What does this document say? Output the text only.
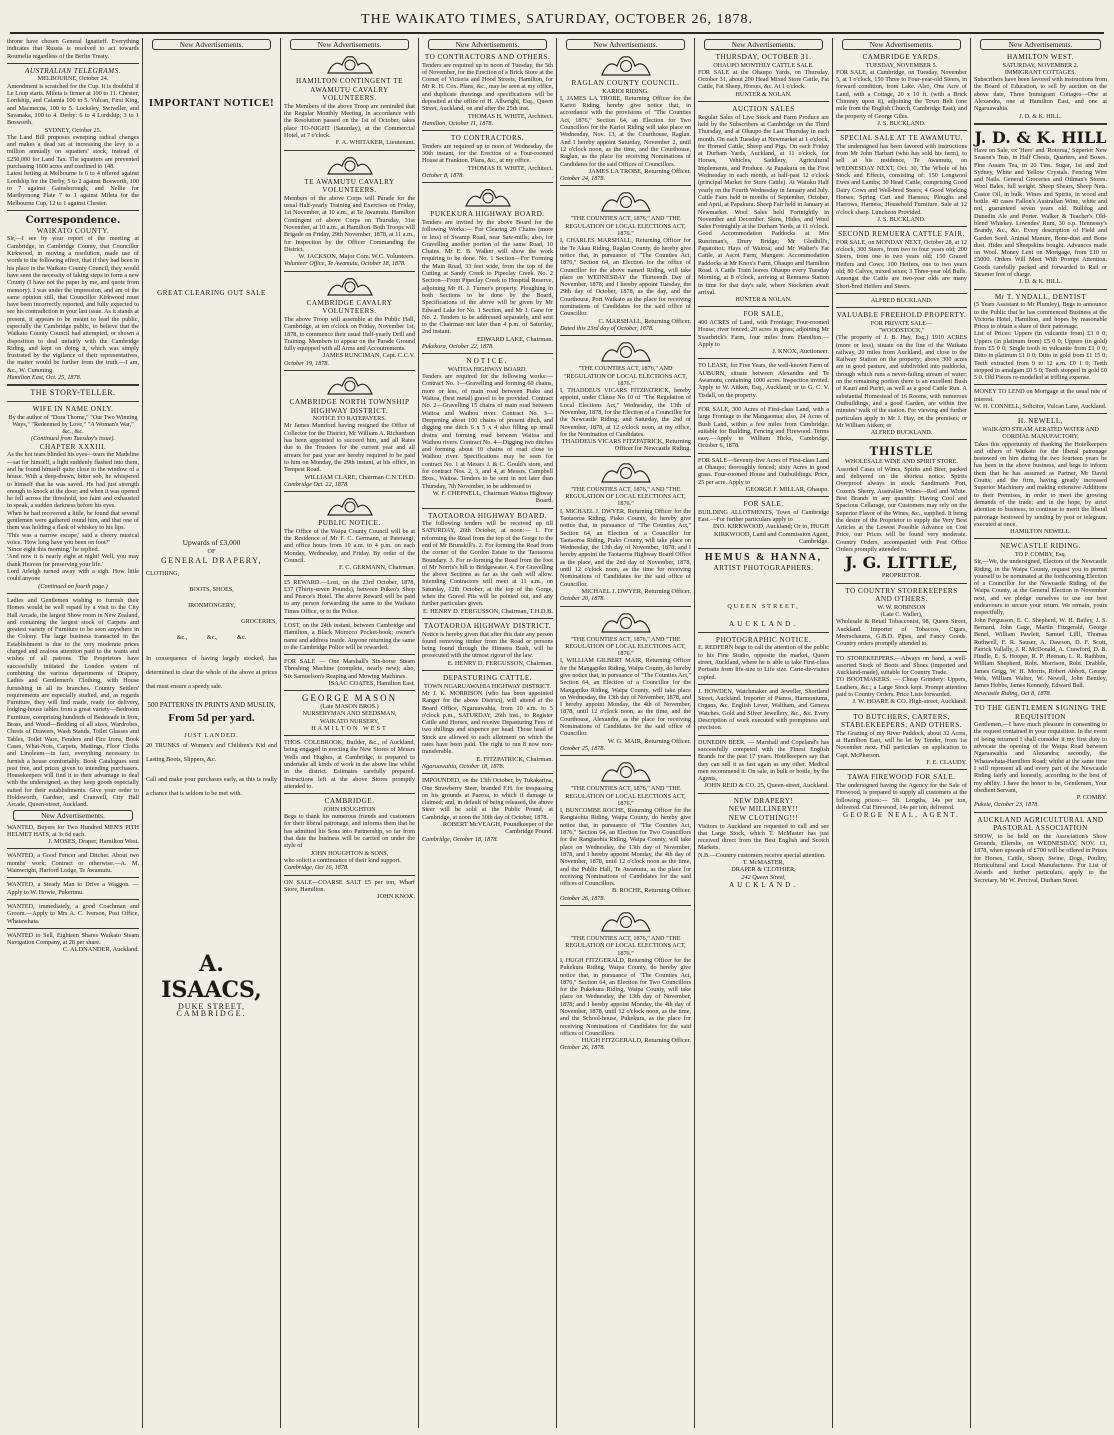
THE WAIKATO TIMES, SATURDAY, OCTOBER 26, 1878.

throne have chosen General Ignatieff. Everything indicates that Russia is resolved to act towards Roumelia regardless of the Berlin Treaty.

AUSTRALIAN TELEGRAMS.

MELBOURNE, October 24.

Amendment is scratched for the Cup. It is doubtful if Le Loup starts. Mileta is firmer at 100 to 11. Chester, Lordship, and Calamia 100 to 5. Vulcan, First King, and Macmecoa, 100 to 5. Locksley, Swiveller, and Savanaka, 100 to 4. Derby: 6 to 4 Lordship; 3 to 1 Bosworth.

SYDNEY, October 25.

The Land Bill proposes sweeping radical changes and makes a dead set at increasing the levy to a million annually on squatters' stock, instead of £250,000 for Land Tax. The squatters are prevented purchasing 1600 acres and confined to 148.

Latest betting at Melbourne is 6 to 4 offered against Lordship for the Derby, 5 to 2 against Bosworth, 100 to 7 against Gainsborough, and Nellie for Maribyrnong Plate 7 to 1 against Mileta for the Melbourne Cup, 12 to 1 against Chester.

Correspondence.

WAIKATO COUNTY.

Sir,—I see by your report of the meeting at Cambridge, in Cambridge County, that Councillor Kirkwood, in moving a resolution, made use of words to the following effect, that if they had been in his place in the Waikato County Council, they would have seen the necessity of taking steps to form a new County (I have not the paper by me, and quote from memory). I was under the impression, and am of the same opinion still, that Councillor Kirkwood must have been incorrectly reported, and fully expected to see his contradiction in your last issue. As it stands at present, it appears to be meant to lead the public, especially the Cambridge public, to believe that the Waikato County Council had attempted, or shown a disposition to deal unfairly with the Cambridge Riding, and kept on doing it, which was simply frustrated by the vigilance of their representatives, the matter would be further from the truth.—I am, &c., W. Cumming.

Hamilton East, Oct. 25, 1878.

THE STORY-TELLER.

WIFE IN NAME ONLY.

By the author of "Dora Thorne," "Our Two Winning Ways," "Redeemed by Love," "A Woman's War," &c., &c.

(Continued from Tuesday's issue).

CHAPTER XXXIII.

As the hot tears blinded his eyes—tears the Madeline—sat for himself, a light suddenly flashed into them, and he found himself quite close to the window of a house. With a deep-drawn, bitter sob, he whispered to himself that he was saved. He had just strength enough to knock at the door; and when it was opened he fell across the threshold, too faint and exhausted to speak, a sudden darkness before his eyes.

When he had recovered a little, he found that several gentlemen were gathered round him, and that one of them was holding a flask of whiskey to his lips.

'This was a narrow escape,' said a cheery musical voice. 'How long have you been on foot?'

'Since eight this morning,' he replied.

'And now it is nearly eight at night! Well, you may thank Heaven for preserving your life.'

Lord Arleigh turned away with a sigh. How little could anyone

(Continued on fourth page.)

Ladies and Gentlemen wishing to furnish their Homes would be well repaid by a visit to the City Hall Arcade, the largest Show room in New Zealand, and containing the largest stock of Carpets and greatest variety of Furniture to be seen anywhere in the Colony. The large business transacted in the Establishment is due to the very moderate prices charged and zealous attention paid to the wants and wishes of all patrons. The Proprietors have successfully initiated the London system of combining the various departments of Drapery, Ladies and Gentlemen's Clothing, with House furnishing in all its branches. Country Settlers' requirements are especially studied, and, as regards Furniture, they will find made, ready for delivery, lodging-house tables from a great variety—Bedroom Furniture, comprising hundreds of Bedsteads in Iron, Brass, and Wood—Bedding of all sizes, Wardrobes, Chests of Drawers, Wash Stands, Toilet Glasses and Tables, Toilet Ware, Fenders and Fire Irons, Book Cases, What-Nots, Carpets, Mattings, Floor Cloths and Linoleum—in fact, everything necessary to furnish a house comfortably. Book Catalogues sent post free, and prices given to intending purchasers. Housekeepers will find it to their advantage to deal with the undersigned, as they keep goods especially suited for their establishments. Give your order to Holdsworth, Gardner, and Cranwell, City Hall Arcade, Queen-street, Auckland.

New Advertisements.

WANTED, Buyers for Two Hundred MEN'S PITH HELMET HATS, at 3s 6d each.

J. MOSES, Draper, Hamilton West.

WANTED, a Good Fencer and Ditcher. About two months' work; Contract or otherwise.—A. M. Wainwright, Harford Lodge, Te Awamutu.

WANTED, a Steady Man to Drive a Waggon. — Apply to W. Howie, Pukerimu.

WANTED, immediately, a good Coachman and Groom.—Apply to Mrs A. C. Iverson, Post Office, Whatawhata.

WANTED to Sell, Eighteen Shares Waikato Steam Navigation Company, at 28 per share.

C. ALDNANDER, Auckland.

New Advertisements.

IMPORTANT NOTICE!

GREAT CLEARING OUT SALE

Upwards of £3,000

OF

GENERAL DRAPERY,

CLOTHING,

BOOTS, SHOES,

IRONMONGERY,

GROCERIES,

&c., &c., &c.

In consequence of having largely stocked, has determined to clear the whole of the above at prices that must ensure a speedy sale.

500 PATTERNS IN PRINTS AND MUSLIN,

From 5d per yard.

JUST LANDED.

20 TRUNKS of Women's and Children's Kid and Lasting Boots, Slippers, &c.

Call and make your purchases early, as this is really a chance that is seldom to be met with.

A. ISAACS,

DUKE STREET,

CAMBRIDGE.

New Advertisements.

HAMILTON CONTINGENT TE AWAMUTU CAVALRY VOLUNTEERS.

The Members of the above Troop are reminded that the Regular Monthly Meeting, in accordance with the Resolution passed on the 1st of October, takes place TO-NIGHT (Saturday), at the Commercial Hotel, at 7 o'clock.

F. A. WHITAKER, Lieutenant.

TE AWAMUTU CAVALRY VOLUNTEERS.

Members of the above Corps will Parade for the usual Half-yearly Training and Exercises on Friday, 1st November, at 10 a.m., at Te Awamutu. Hamilton Contingent of above Corps on Thursday, 31st November, at 10 a.m., at Hamilton. Both Troops will Brigade on Friday, 29th November, 1878, at 11 a.m., for Inspection by the Officer Commanding the District.

W. JACKSON, Major Com. W.C. Volunteers.

Volunteer Office, Te Awamutu, October 18, 1878.

CAMBRIDGE CAVALRY VOLUNTEERS.

The above Troop will assemble at the Public Hall, Cambridge, at ten o'clock on Friday, November 1st, 1878, to commence their usual Half-yearly Drill and Training. Members to appear on the Parade Ground fully equipped with all Arms and Accoutrements.

JAMES RUNCIMAN, Capt. C.C.V.

October 19, 1878.

CAMBRIDGE NORTH TOWNSHIP HIGHWAY DISTRICT.

NOTICE TO RATEPAYERS.

Mr James Mumford having resigned the Office of Collector for the District, Mr William A. Richardson has been appointed to succeed him, and all Rates due to the Trustees for the current year and all arrears for past year are hereby required to be paid to him on Monday, the 29th instant, at his office, in Tempest Road.

WILLIAM CLARE, Chairman C.N.T.H.D.

Cambridge Oct. 22, 1878.

PUBLIC NOTICE.

The Office of the Waipa County Council will be at the Residence of Mr F. C. Germann, at Paterangi, and office hours from 10 a.m. to 4 p.m. on each Monday, Wednesday, and Friday. By order of the Council.

F. C. GERMANN, Chairman.

£5 REWARD.—Lost, on the 23rd October, 1878, £37 (Thirty-seven Pounds), between Pukeo's Shop and Pearce's Hotel. The above Reward will be paid to any person forwarding the same to the Waikato Times Office, or to the Police.

LOST, on the 24th instant, between Cambridge and Hamilton, a Black Morocco Pocket-book; owner's name and address inside. Anyone returning the same to the Cambridge Police will be rewarded.

FOR SALE — One Marshall's Six-horse Steam Threshing Machine (complete, nearly new); also, Six Samuelson's Reaping and Mowing Machines.

ISAAC COATES, Hamilton East.

GEORGE MASON

(Late MASON BROS.)

NURSERYMAN AND SEEDSMAN,

WAIKATO NURSERY,

HAMILTON WEST

THOS. COLEBROOK, Builder, &c., of Auckland, being engaged in erecting the New Stores of Messrs Wells and Hughes, at Cambridge, is prepared to undertake all kinds of work in the above line whilst in the district. Estimates carefully prepared. Instructions left at the above Stores promptly attended to.

CAMBRIDGE.

JOHN HOUGHTON

Begs to thank his numerous friends and customers for their liberal patronage, and informs them that he has admitted his Sons into Partnership, so far from that date the business will be carried on under the style of

JOHN HOUGHTON & SONS,

who solicit a continuance of their kind support.

Cambridge, Oct 16, 1878.

ON SALE—COARSE SALT £5 per ton, Wharf Store, Hamilton.

JOHN KNOX.

New Advertisements.

TO CONTRACTORS AND OTHERS.

Tenders are required up to noon of Tuesday, the 5th of November, for the Erection of a Brick Store at the Corner of Victoria and Hood Streets, Hamilton, for Mr R. H. Cox. Plans, &c., may be seen at my office, and duplicate drawings and specifications will be deposited at the office of H. Allwright, Esq., Queen Street, Auckland, on and after the 25th inst.

THOMAS H. WHITE, Architect.

Hamilton, October 11, 1878.

TO CONTRACTORS.

Tenders are required up to noon of Wednesday, the 30th instant, for the Erection of a Four-roomed House at Frankton. Plans, &c., at my office.

THOMAS H. WHITE, Architect.

October 8, 1878.

PUKEKURA HIGHWAY BOARD.

Tenders are invited by the above Board for the following Works:— For Clearing 20 Chains (more or less) of Swamp Road, near Saw-mills; also, for Gravelling another portion of the same Road, 10 Chains. Mr E. B. Walker will show the work requiring to be done. No. 1 Section—For Forming the Main Road, 33 feet wide, from the top of the Cutting at Sandy Creek to Pipeclay Creek. No. 2 Section—From Pipeclay Creek to Hospital Reserve, adjoining Mr H. J. Turner's property. Ploughing in both Sections to be done by the Board, Specifications of the above will be given by Mr Edward Lake for No. 1 Section, and Mr J. Gane for No. 2. Tenders to be addressed separately, and sent to the Chairman not later than 4 p.m. of Saturday, 2nd instant.

EDWARD LAKE, Chairman.

Pukekura, October 22, 1878.

NOTICE.

WAITOA HIGHWAY BOARD.

Tenders are required for the following works:— Contract No. 1—Gravelling and forming 60 chains, more or less, of main road between Piako and Waitoa, (best metal) gravel to be provided. Contract No. 2—Gravelling 15 chains of main road between Waitoa and Waihou river. Contract No. 3—Deepening about 100 chains of present ditch, and digging one ditch 6 x 5 x 4 also filling up small drains and forming road between Waitoa and Waihou rivers. Contract No. 4—Digging two ditches and forming about 10 chains of road close to Waihou river. Specifications may be seen for contract No. 1 at Messrs J. & C. Gould's store, and for contract Nos. 2, 3, and 4, at Messrs. Campbell Bros., Waitoa. Tenders to be sent in not later than Thursday, 7th November, to be addressed to

W. F. CHEPNELL, Chairman Waitoa Highway Board.

TAOTAOROA HIGHWAY BOARD.

The following tenders will be received up till SATURDAY, 26th October, at noon:— 1. For reforming the Road from the top of the Gorge to the end of Mr Brunskill's. 2. For forming the Road from the corner of the Gordon Estate to the Taotaoroa Boundary. 3. For re-forming the Road from the foot of Mr Norris's hill to Bridgewater. 4. For Gravelling the above Sections as far as the cash will allow. Intending Contractors will meet at 11 a.m., on Saturday, 12th October, at the top of the Gorge, when the Gravel Pits will be pointed out, and any further particulars given.

E. HENRY D. FERGUSSON, Chairman, T.H.D.B.

TAOTAOROA HIGHWAY DISTRICT.

Notice is hereby given that after this date any person found removing timber from the Road or persons being found through the Hinuera Bush, will be prosecuted with the utmost rigour of the law.

E. HENRY D. FERGUSSON, Chairman.

DEPASTURING CATTLE.

TOWN NGARUAWAHIA HIGHWAY DISTRICT.

Mr J. K. MORRISON (who has been appointed Ranger for the above District), will attend at the Board Office, Ngaruawahia, from 10 a.m. to 5 o'clock p.m., SATURDAY, 26th inst., to Register Cattle and Horses, and receive Depasturing Fees of two shillings and sixpence per head. Those head of Stock are allowed to each allotment on which the rates have been paid. The right to run 8 now non-transferable.

E. FITZPATRICK, Chairman.

Ngaruawahia, October 18, 1878.

IMPOUNDED, on the 13th October, by Tukakarina, One Strawberry Steer, branded F.H. for trespassing on his grounds at Paeroa, to which if damage is claimed; and, in default of being released, the above Steer will be sold at the Public Pound, at Cambridge, at noon the 30th day of October, 1878.

ROBERT McVEAGH, Poundkeeper of the Cambridge Pound.

Cambridge, October 18, 1878.

New Advertisements.

RAGLAN COUNTY COUNCIL.

KARIOI RIDING.

I, JAMES LA TROBE, Returning Officer for the Karioi Riding, hereby give notice that, in accordance with the provisions of "The Counties Act, 1876," Section 64, an Election for Two Councillors for the Karioi Riding will take place on Wednesday, Nov. 13, at the Courthouse, Raglan. And I hereby appoint Saturday, November 2, until 12 o'clock noon, as the time, and the Courthouse, Raglan, as the place for receiving Nominations of Candidates for the said Offices of Councillors.

JAMES LA TROBE, Returning Officer.

October 24, 1878.

"THE COUNTIES ACT, 1876," AND "THE REGULATION OF LOCAL ELECTIONS ACT, 1876."

I, CHARLES MARSHALL, Returning Officer for the Te Akau Riding, Raglan County, do hereby give notice that, in pursuance of "The Counties Act, 1876," Section 64, an Election for the office of Councillor for the above named Riding, will take place on WEDNESDAY the Thirteenth Day of November, 1878; and I hereby appoint Tuesday, the 29th day of October, 1878, as the day, and the Courthouse, Port Waikato as the place for receiving nominations of Candidates for the said office of Councillor.

C. MARSHALL, Returning Officer.

Dated this 23rd day of October, 1878.

"THE COUNTIES ACT, 1876," AND "REGULATION OF LOCAL ELECTIONS ACT, 1876."

I, THADDEUS VICARS FITZPATRICK, hereby appoint, under Clause No 10 of "The Regulation of Local Elections Act," Wednesday, the 13th of November, 1878, for the Election of a Councillor for the Newcastle Riding; and Saturday, the 2nd of November, 1878, at 12 o'clock noon, at my office, for the Nomination of Candidates.

THADDEUS VICARS FITZPATRICK, Returning Officer for Newcastle Riding.

"THE COUNTIES ACT, 1876," AND "THE REGULATION OF LOCAL ELECTIONS ACT, 1876."

I, MICHAEL J. DWYER, Returning Officer for the Taotaoroa Riding, Piako County, do hereby give notice that, in pursuance of "The Counties Act," Section 64, an Election of a Councillor for Taotaoroa Riding, Piako County, will take place on Wednesday, the 13th day of November, 1878; and I hereby appoint the Taotaoroa Highway Board Office as the place, and the 2nd day of November, 1878, until 12 o'clock noon, as the time for receiving Nominations of Candidates for the said office of Councillor.

MICHAEL J. DWYER, Returning Officer.

October 20, 1878.

"THE COUNTIES ACT, 1876," AND "THE REGULATION OF LOCAL ELECTIONS ACT, 1876."

I, WILLIAM GILBERT MAIR, Returning Officer for the Mangapiko Riding, Waipa County, do hereby give notice that, in pursuance of "The Counties Act," Section 64, an Election of a Councillor for the Mangapiko Riding, Waipa County, will take place on Wednesday, the 13th day of November, 1878, and I hereby appoint Monday, the 4th of November, 1878, until 12 o'clock noon, as the time, and the Courthouse, Alexandra, as the place for receiving Nominations of Candidates for the said office of Councillor.

W. G. MAIR, Returning Officer.

October 25, 1878.

"THE COUNTIES ACT, 1876," AND "THE REGULATION OF LOCAL ELECTIONS ACT, 1876."

I, BUNCOMBE ROCHE, Returning Officer for the Rangiaohia Riding, Waipa County, do hereby give notice that, in pursuance of "The Counties Act, 1876," Section 64, an Election for Two Councillors for the Rangiaohia Riding, Waipa County, will take place on Wednesday, the 13th day of November, 1878, and I hereby appoint Monday, the 4th day of November, 1878, until 12 o'clock noon as the time, and the Public Hall, Te Awamutu, as the place for receiving Nominations of Candidates for the said offices of Councillors.

B. ROCHE, Returning Officer.

October 26, 1878.

"THE COUNTIES ACT, 1876," AND "THE REGULATION OF LOCAL ELECTIONS ACT, 1876."

I, HUGH FITZGERALD, Returning Officer for the Pukekura Riding, Waipa County, do hereby give notice that, in pursuance of "The Counties Act, 1876," Section 64, an Election for Two Councillors for the Pukekura Riding, Waipa County, will take place on Wednesday, the 13th day of November, 1878; and I hereby appoint Monday, the 4th day of November, 1878, until 12 o'clock noon, as the time, and the School-house, Pukekura, as the place for receiving Nominations of Candidates for the said offices of Councillors.

HUGH FITZGERALD, Returning Officer.

October 26, 1878.

New Advertisements.

THURSDAY, OCTOBER 31.

OHAUPO MONTHLY CATTLE SALE.

FOR SALE at the Ohaupo Yards, on Thursday, October 31, about 200 Head Mixed Store Cattle, Fat Cattle, Fat Sheep, Horses, &c. At 1 o'clock.

HUNTER & NOLAN.

AUCTION SALES

Regular Sales of Live Stock and Farm Produce are held by the Subscribers at Cambridge on the Third Thursday, and at Ohaupo the Last Thursday in each month. On each Tuesday at Newmarket at 1 o'clock, for Horned Cattle, Sheep and Pigs. On each Friday at Durham Yards, Auckland, at 11 o'clock, for Horses, Vehicles, Saddlery, Agricultural Implements, and Produce. At Papakura on the First Wednesday in each month, at half-past 12 o'clock (principal Market for Store Cattle). At Waiuku Half yearly on the Fourth Wednesday in January and July. Cattle Fairs held in months of September, October, and April, at Papakura. Sheep Fair held in January at Newmarket. Wool Sales held Fortnightly in November and December. Skins, Hides, and Wool Sales Fortnightly at the Durham Yards, at 11 o'clock. Good Accommodation Paddocks at Mrs Runciman's, Drury Bridge; Mr Gledhill's, Papatoitoi; Hays of Wairoa; and Mr Walter's Fat Cattle, at Ascot Farm, Mangere. Accommodation Paddocks at Mr Knox's Farm, Ohaupo and Hamilton Road. A Cattle Train leaves Ohaupo every Tuesday Morning, at 8 o'clock, arriving at Remuera Station in time for that day's sale, where Stockmen await arrival.

HUNTER & NOLAN.

FOR SALE,

400 ACRES of Land, with Frontage; Four-roomed House; river fenced; 20 acres in grass; adjoining Mr Swarbrick's Farm, four miles from Hamilton.—Apply to

J. KNOX, Auctioneer.

TO LEASE, for Five Years, the well-known Farm of AUBURN, situate between Alexandra and Te Awamutu, containing 1000 acres. Inspection invited. Apply to W. Aitken, Esq., Auckland; or to G. C. V. Tisdall, on the property.

FOR SALE, 300 Acres of First-class Land, with a large Frontage to the Mangaonua; also, 24 Acres of Bush Land, within a few miles from Cambridge; suitable for Building, Fencing and Firewood. Terms easy.—Apply to William Hicks, Cambridge, October 6, 1878.

FOR SALE—Seventy-five Acres of First-class Land at Ohaupo; thoroughly fenced; sixty Acres in good grass. Four-roomed House and Outbuildings. Price, 25 per acre. Apply to

GEORGE F. MILLAR, Ohaupo.

FOR SALE.

BUILDING ALLOTMENTS, Town of Cambridge East.—For further particulars apply to

INO. KIRKWOOD, Auckland; Or to, HUGH KIRKWOOD, Land and Commission Agent, Cambridge.

HEMUS & HANNA,

ARTIST PHOTOGRAPHERS.

QUEEN STREET,

AUCKLAND.

PHOTOGRAPHIC NOTICE.

E. REDFERN begs to call the attention of the public to his Fine Studio, opposite the market, Queen street, Auckland, where he is able to take First-class Portraits from life-size to Life size. Carte-de-visites copied.

J. HOWDEN, Watchmaker and Jeweller, Shortland Street, Auckland. Importer of Pianos, Harmoniums, Organs, &c. English Lever, Waltham, and Geneva Watches. Gold and Silver Jewellery, &c., &c. Every Description of work executed with promptness and precision.

DUNEDIN BEER. — Marshall and Copeland's has successfully competed with the Finest English Brands for the past 17 years. Hotelkeepers say that they can sell it as fast again as any other. Medical men recommend it. On sale, in bulk or bottle, by the Agents,

JOHN REID & CO. 25, Queen-street, Auckland.

NEW DRAPERY!

NEW MILLINERY!!

NEW CLOTHING!!!

Visitors to Auckland are requested to call and see that Large Stock, which T. McMaster has just received direct from the Best English and Scotch Markets.

N.B.—Country customers receive special attention.

T. McMASTER,

DRAPER & CLOTHIER,

242 Queen Street,

AUCKLAND.

New Advertisements.

CAMBRIDGE YARDS.

TUESDAY, NOVEMBER 5.

FOR SALE, at Cambridge, on Tuesday, November 5, at 1 o'clock, 150 Three to Four-year-old Steers, in forward condition, from Lake. Also, One Acre of Land, with a Cottage, 20 x 10 ft. (with a Brick Chimney upon it), adjoining the Town Belt (one mile from the English Church, Cambridge East), and the property of George Giles.

J. S. BUCKLAND.

SPECIAL SALE AT TE AWAMUTU.

The undersigned has been favored with instructions from Mr John Harbart (who has sold his farm), to sell at his residence, Te Awamutu, on WEDNESDAY NEXT, Oct. 30, The Whole of his Stock and Effects, consisting of: 150 Longwool Ewes and Lambs; 30 Head Cattle, comprising Good Dairy Cows and Well-bred Steers; 4 Good Working Horses; Spring Cart and Harness; Ploughs and Harrows, Harness; Household Furniture. Sale at 12 o'clock sharp. Luncheon Provided.

J. S. BUCKLAND.

SECOND REMUERA CATTLE FAIR.

FOR SALE, on MONDAY NEXT, October 28, at 12 o'clock, 300 Steers, from two to four years old; 200 Steers, from one to two years old; 150 Grazed Heifers and Cows; 100 Heifers, one to two years old; 80 Calves, mixed sexes; 3 Three-year old Bulls. Amongst the Cattle are two-year olds are many Short-bred Heifers and Steers.

ALFRED BUCKLAND.

VALUABLE FREEHOLD PROPERTY.

FOR PRIVATE SALE—

"WOODSTOCK,"

(The property of J. B. Hay, Esq.) 1910 ACRES (more or less), situate on the line of the Waikato railway, 20 miles from Auckland, and close to the Railway Station on the property; above 300 acres are in good pasture, and subdivided into paddocks, through which runs a never-failing stream of water; on the remaining portion there is an excellent Bush of Kauri and Puriri, as well as a good Cattle Run. A substantial Homestead of 16 Rooms, with numerous Outbuildings, and a good Garden, are within five minutes' walk of the station. For viewing and further particulars apply to Mr J. Hay, on the premises; or Mr William Aitken; or

ALFRED BUCKLAND.

THISTLE

WHOLESALE WINE AND SPIRIT STORE.

Assorted Cases of Wines, Spirits and Beer, packed and delivered on the shortest notice. Spirits Overproof always in stock. Sandiman's Port, Cozen's Sherry. Australian Wines—Red and White. Best Brands in any quantity. Having Cool and Spacious Cellarage, our Customers may rely on the Superior Flavor of the Wines, &c., supplied. It being the desire of the Proprietor to supply the Very Best Articles at the Lowest Possible Advance on Cost Price, our Prices will be found very moderate. Country Orders, accompanied with Post Office Orders promptly attended to.

J. G. LITTLE,

PROPRIETOR.

TO COUNTRY STOREKEEPERS AND OTHERS.

W. W. ROBINSON

(Late C. Waller),

Wholesale & Retail Tobacconist, 98, Queen Street, Auckland. Importer of Tobaccos, Cigars, Meerschaums, G.B.D. Pipes, and Fancy Goods. Country orders promptly attended to.

TO STOREKEEPERS.—Always on hand, a well-assorted Stock of Boots and Shoes (imported and Auckland-made), suitable for Country Trade.

TO BOOTMAKERS. — Cheap Grindery: Uppers, Leathers, &c.; a Large Stock kept. Prompt attention paid to Country Orders. Price Lists forwarded.

J. W. HOARE & CO. High-street, Auckland.

TO BUTCHERS, CARTERS, STABLEKEEPERS, AND OTHERS.

The Grazing of my River Paddock, about 32 Acres, at Hamilton East, will be let by Tender, from 1st November next. Full particulars on application to Capt. McPherson.

F. E. CLAUDY.

TAWA FIREWOOD FOR SALE.

The undersigned having the Agency for the Sale of Firewood, is prepared to supply all customers at the following prices:— 5ft. Lengths, 14s per ton, delivered. Cut Firewood, 14s per ton, delivered.

GEORGE NEAL, AGENT.

New Advertisements.

HAMILTON WEST.

SATURDAY, NOVEMBER 2.

IMMIGRANT COTTAGES.

Subscribers have been favored with instructions from the Board of Education, to sell by auction on the above date, Three Immigrant Cottages—One at Alexandra, one at Hamilton East, and one at Ngaruawahia.

J. D. & K. HILL.

J. D. & K. HILL

Have on Sale, ex 'Hero' and 'Rotorua,' Superior New Season's Teas, in Half Chests, Quarters, and Boxes. Fine Assam Tea, in 20 Tins. Sugar, 1st and 2nd Sydney, White and Yellow Crystals. Fencing Wire and Nails. General Groceries and Oilman's Stores. Wool Bales, full weight. Sheep Shears, Sheep Nets. Castor Oil, in bulk. Wines and Spirits, in wood and bottle. 40 cases Fallon's Australian Wine, white and red, guaranteed seven years old. Bulldog and Dunedin Ale and Porter. Walker & Teacher's Old-blend Whiskey. Lowndes' Rum, 30 o.p. Hennessy's Brandy, &c., &c. Every description of Field and Garden Seed. Animal Manure, Bone-dust and Bone dust. Hides and Sheepskins bought. Advances made on Wool. Money Lent on Mortgage, from £10 to £5000. Orders Will Meet With Prompt Attention. Goods carefully packed and forwarded to Rail or Steamer free of charge.

J. D. & K. HILL.

Mr T. YNDALL, DENTIST

(5 Years Assistant to Mr Plumley), Begs to announce to the Public that he has commenced Business at the Victoria Hotel, Hamilton, and hopes by reasonable Prices to obtain a share of their patronage.

List of Prices: Uppers (in vulcanite from) £3 0 0; Uppers (in platinum from) £5 0 0; Uppers (in gold) from £5 0 0; Single tooth in vulcanite from £1 0 0; Ditto in platinum £1 0 0; Ditto in gold from £1 15 0; Teeth extracted from 9 to 12 a.m. £0 1 0; Teeth stopped in amalgam £0 5 0; Teeth stopped in gold £0 5 0. Old Pieces re-modelled at trifling expense.

MONEY TO LEND on Mortgage at the usual rate of interest.

W. H. CONNELL, Solicitor, Vulcan Lane, Auckland.

H. NEWELL,

WAIKATO STEAM AERATED WATER AND CORDIAL MANUFACTORY,

Takes this opportunity of thanking the Hotelkeepers and others of Waikato for the liberal patronage bestowed on him during the two fourteen years he has been in the above business, and begs to inform them that he has assumed as Partner, Mr David Coutts; and the firm, having greatly increased Superior Machinery and making extensive Additions to their Premises, in order to meet the growing demands of the trade; and in the hope, by strict attention to business, to continue to merit the liberal patronage bestowed by sending by post or telegram, executed at once.

HAMILTON NEWELL.

NEWCASTLE RIDING.

TO P. COMBY, Esq.

Sir,—We, the undersigned, Electors of the Newcastle Riding, in the Waipa County, request you to permit yourself to be nominated at the forthcoming Election of a Councillor for the Newcastle Riding, of the Waipa County, at the General Election in November next, and we pledge ourselves to use our best endeavours to secure your return. We remain, yours respectfully,

John Fergusson, E. C. Shepherd, W. H. Bailey, J. S. Bernard, John Gage, Martin Fitzgerald, George Benel, William Pawlett, Samuel Lilll, Thomas Rothwell, F. R. Sauser, A. Dawson, D. F. Scott, Patrick Vallally, J. R. McDonald, A. Crawford, D. B. Hindle, E. S. Hooper, R. P. Heenan, L. R. Rathbun, William Shepherd, Robt. Morrison, Robt. Drabble, James Grigg, W. H. Morris, Robert Abbott, George Wels, William Walter, W. Newell, John Bentley, James Hobbs, James Kennedy, Edward Ball.

Newcastle Riding, Oct 8, 1878.

TO THE GENTLEMEN SIGNING THE REQUISITION

Gentlemen,—I have much pleasure in consenting to the request contained in your requisition. In the event of being returned I shall consider it my first duty to advocate the opening of the Waipa Road between Ngaruawahia and Alexandra; secondly, the Whatawhata-Hamilton Road; whilst at the same time I will represent all and every part of the Newcastle Riding fairly and honestly, according to the best of my ability. I have the honor to be, Gentlemen, Your obedient Servant,

P. COMBY.

Pukete, October 23, 1878.

AUCKLAND AGRICULTURAL AND PASTORAL ASSOCIATION

SHOW, to be held on the Association's Show Grounds, Ellerslie, on WEDNESDAY, NOV. 13, 1878, when upwards of £700 will be offered in Prizes for Horses, Cattle, Sheep, Swine, Dogs, Poultry, Horticultural and Local Manufactures. For List of Awards and further particulars, apply to the Secretary, Mr W. Percival, Durham Street.
